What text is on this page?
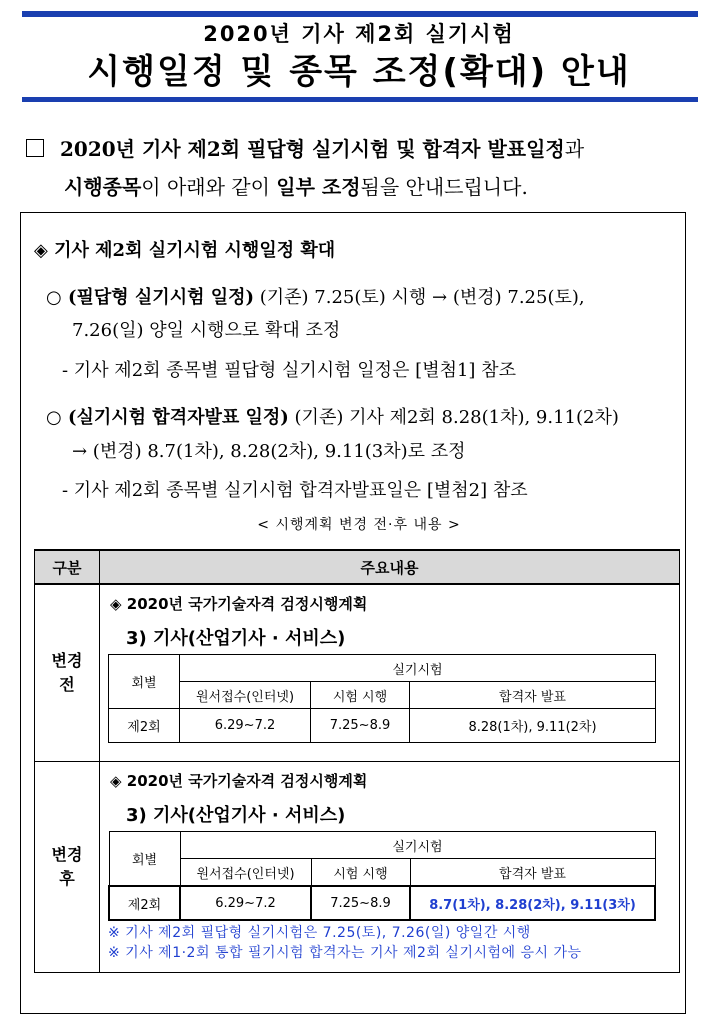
2020년 기사 제2회 실기시험
시행일정 및 종목 조정(확대) 안내
2020년 기사 제2회 필답형 실기시험 및 합격자 발표일정과
시행종목이 아래와 같이 일부 조정됨을 안내드립니다.
◈ 기사 제2회 실기시험 시행일정 확대
○ (필답형 실기시험 일정) (기존) 7.25(토) 시행 → (변경) 7.25(토),
7.26(일) 양일 시행으로 확대 조정
- 기사 제2회 종목별 필답형 실기시험 일정은 [별첨1] 참조
○ (실기시험 합격자발표 일정) (기존) 기사 제2회 8.28(1차), 9.11(2차)
→ (변경) 8.7(1차), 8.28(2차), 9.11(3차)로 조정
- 기사 제2회 종목별 실기시험 합격자발표일은 [별첨2] 참조
< 시행계획 변경 전·후 내용 >
구분	주요내용
변경
전	
◈ 2020년 국가기술자격 검정시행계획
3) 기사(산업기사 · 서비스)
회별	실기시험
원서접수(인터넷)	시험 시행	합격자 발표
제2회	6.29~7.2	7.25~8.9	8.28(1차), 9.11(2차)

변경
후	
◈ 2020년 국가기술자격 검정시행계획
3) 기사(산업기사 · 서비스)
회별	실기시험
원서접수(인터넷)	시험 시행	합격자 발표
제2회	6.29~7.2	7.25~8.9	8.7(1차), 8.28(2차), 9.11(3차)
※ 기사 제2회 필답형 실기시험은 7.25(토), 7.26(일) 양일간 시행
※ 기사 제1·2회 통합 필기시험 합격자는 기사 제2회 실기시험에 응시 가능
